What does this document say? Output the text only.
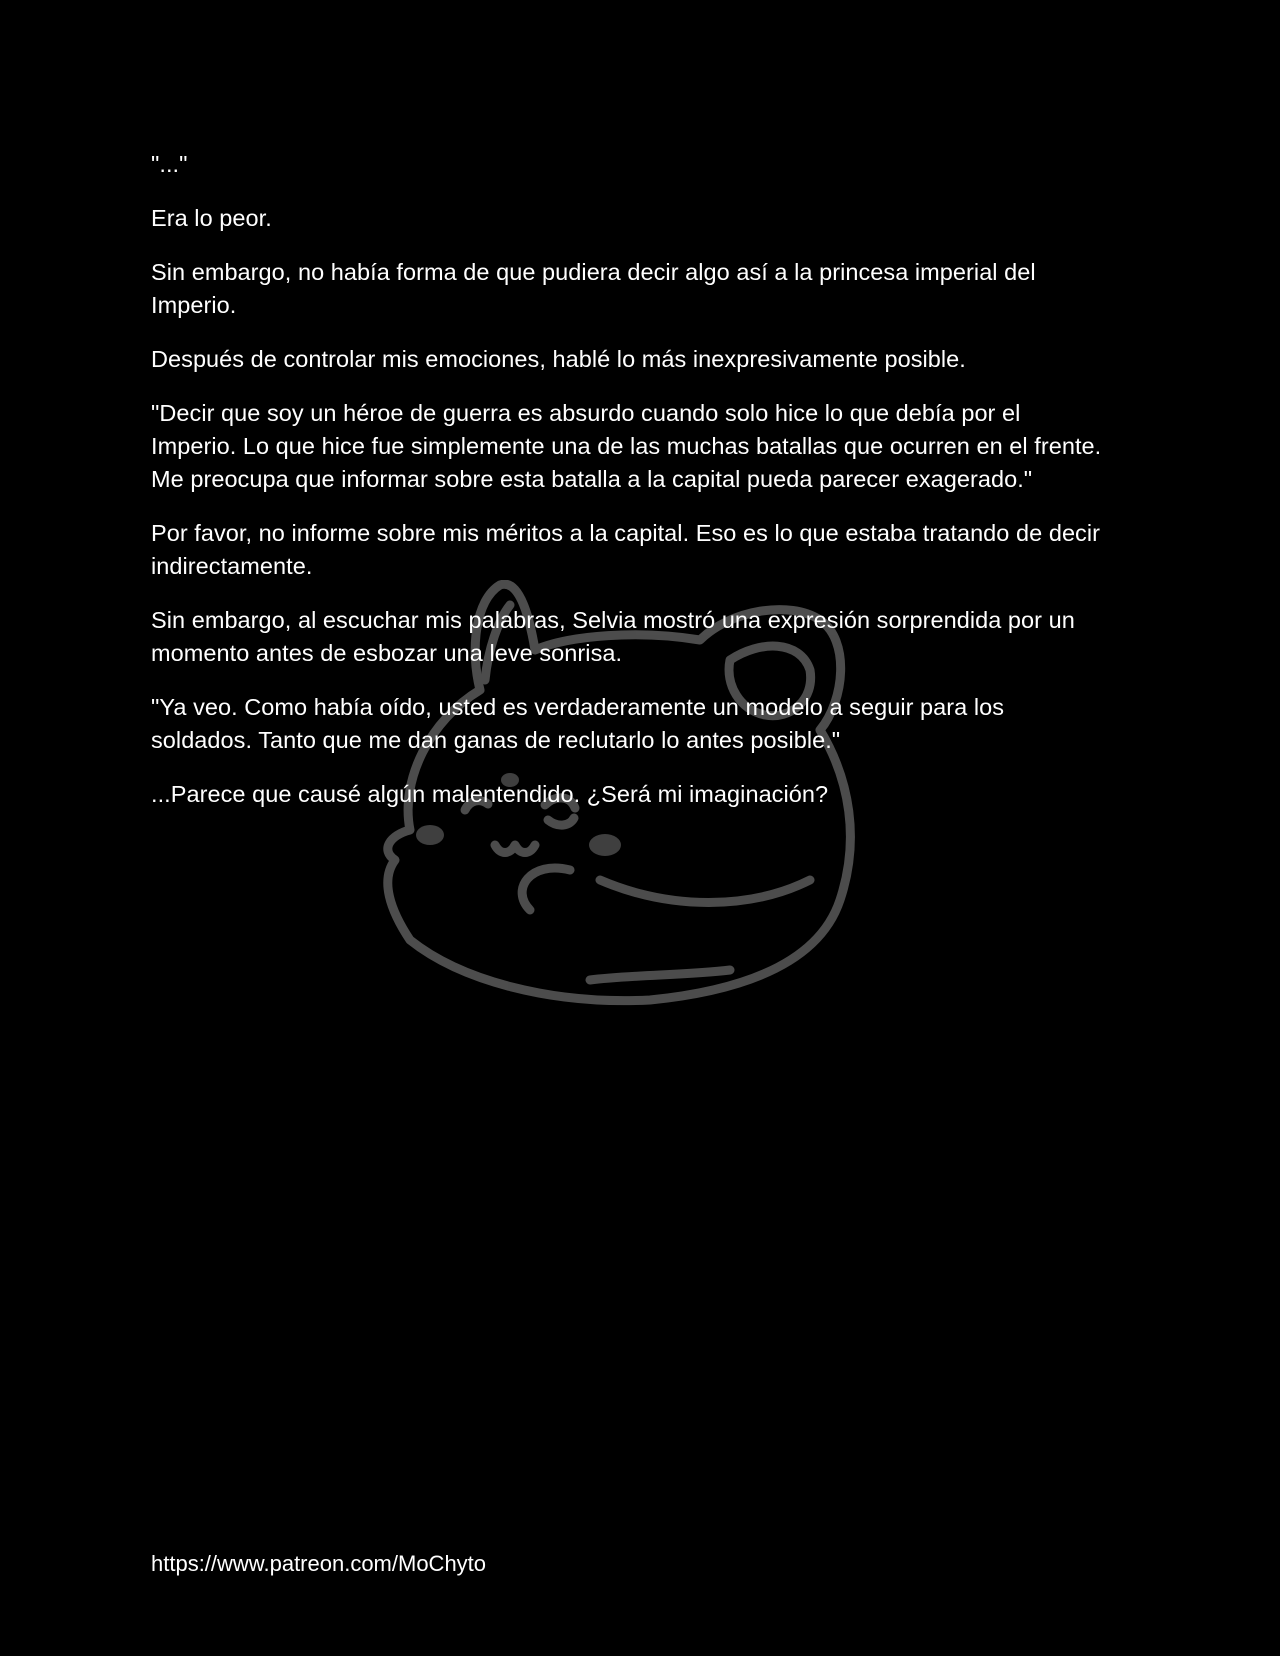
"..."

Era lo peor.

Sin embargo, no había forma de que pudiera decir algo así a la princesa imperial del Imperio.

Después de controlar mis emociones, hablé lo más inexpresivamente posible.

"Decir que soy un héroe de guerra es absurdo cuando solo hice lo que debía por el Imperio. Lo que hice fue simplemente una de las muchas batallas que ocurren en el frente. Me preocupa que informar sobre esta batalla a la capital pueda parecer exagerado."

Por favor, no informe sobre mis méritos a la capital. Eso es lo que estaba tratando de decir indirectamente.

Sin embargo, al escuchar mis palabras, Selvia mostró una expresión sorprendida por un momento antes de esbozar una leve sonrisa.

"Ya veo. Como había oído, usted es verdaderamente un modelo a seguir para los soldados. Tanto que me dan ganas de reclutarlo lo antes posible."

...Parece que causé algún malentendido. ¿Será mi imaginación?

https://www.patreon.com/MoChyto
